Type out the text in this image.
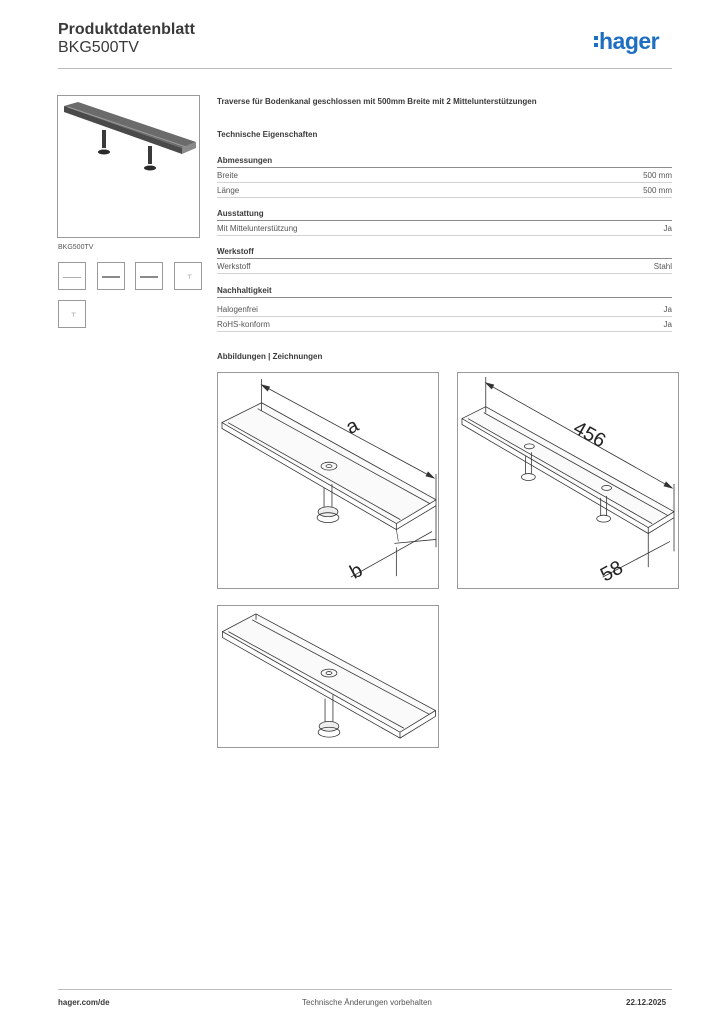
Produktdatenblatt
BKG500TV	hager
BKG500TV
⊤
⊤
Traverse für Bodenkanal geschlossen mit 500mm Breite mit 2 Mittelunterstützungen
Technische Eigenschaften
Abmessungen
Breite	500 mm
Länge	500 mm
Ausstattung
Mit Mittelunterstützung	Ja
Werkstoff
Werkstoff	Stahl
Nachhaltigkeit
Halogenfrei	Ja
RoHS-konform	Ja
Abbildungen | Zeichnungen
a
b
456
58
hager.com/de	Technische Änderungen vorbehalten	22.12.2025
